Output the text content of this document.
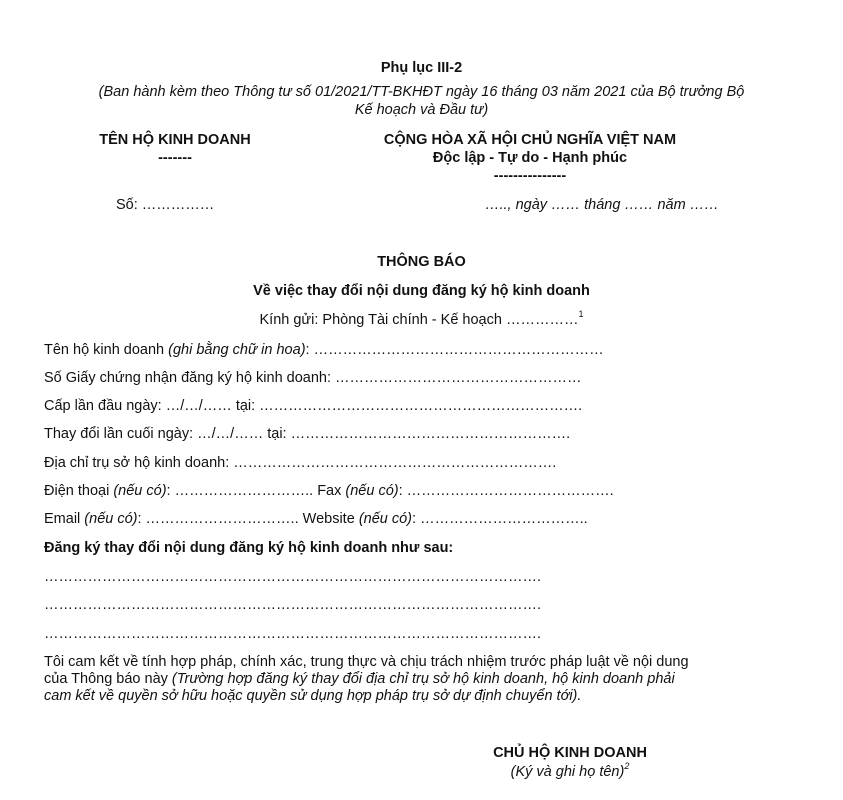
Phụ lục III-2
(Ban hành kèm theo Thông tư số 01/2021/TT-BKHĐT ngày 16 tháng 03 năm 2021 của Bộ trưởng Bộ
Kế hoạch và Đầu tư)
TÊN HỘ KINH DOANH
-------
Số: ……………
CỘNG HÒA XÃ HỘI CHỦ NGHĨA VIỆT NAM
Độc lập - Tự do - Hạnh phúc
---------------
….., ngày …… tháng …… năm ……
THÔNG BÁO
Về việc thay đổi nội dung đăng ký hộ kinh doanh
Kính gửi: Phòng Tài chính - Kế hoạch ……………$^1$
Tên hộ kinh doanh (ghi bằng chữ in hoa): ……………………………………………………
Số Giấy chứng nhận đăng ký hộ kinh doanh: ……………………………………………
Cấp lần đầu ngày: …/…/…… tại: ………………………………………………………….
Thay đổi lần cuối ngày: …/…/…… tại: ………………………………………………….
Địa chỉ trụ sở hộ kinh doanh: ………………………………………………………….
Điện thoại (nếu có): ……………………….. Fax (nếu có): …………………………………….
Email (nếu có): ………………………….. Website (nếu có): ……………………………..
Đăng ký thay đổi nội dung đăng ký hộ kinh doanh như sau:
………………………………………………………………………………………….
………………………………………………………………………………………….
………………………………………………………………………………………….
Tôi cam kết về tính hợp pháp, chính xác, trung thực và chịu trách nhiệm trước pháp luật về nội dung
của Thông báo này (Trường hợp đăng ký thay đổi địa chỉ trụ sở hộ kinh doanh, hộ kinh doanh phải
cam kết về quyền sở hữu hoặc quyền sử dụng hợp pháp trụ sở dự định chuyển tới).
CHỦ HỘ KINH DOANH
(Ký và ghi họ tên)$^2$
